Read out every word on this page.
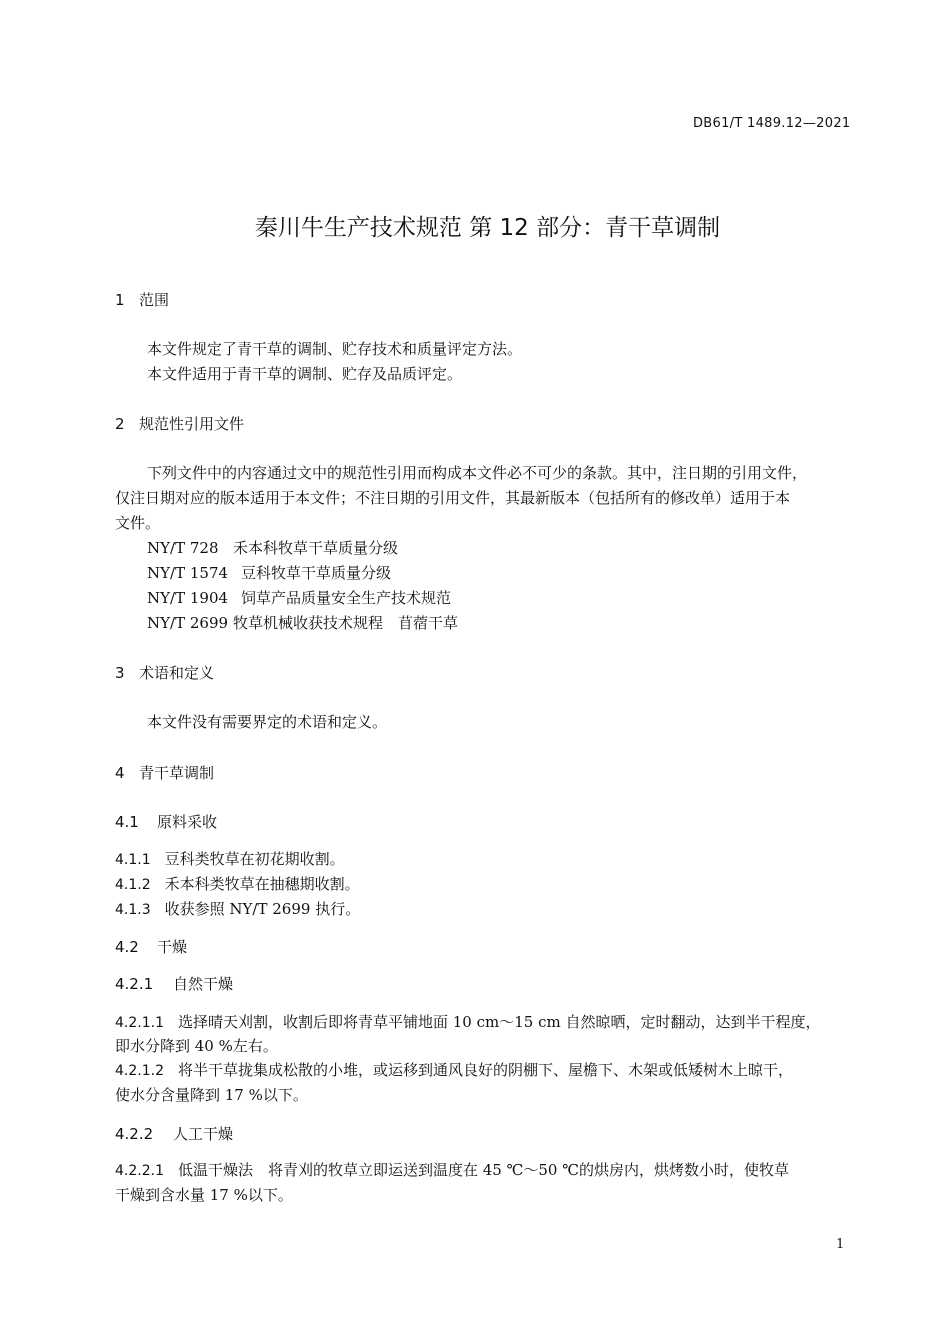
DB61/T 1489.12—2021
秦川牛生产技术规范 第 12 部分：青干草调制
1 范围
本文件规定了青干草的调制、贮存技术和质量评定方法。
本文件适用于青干草的调制、贮存及品质评定。
2 规范性引用文件
下列文件中的内容通过文中的规范性引用而构成本文件必不可少的条款。其中，注日期的引用文件，
仅注日期对应的版本适用于本文件；不注日期的引用文件，其最新版本（包括所有的修改单）适用于本
文件。
NY/T 728 禾本科牧草干草质量分级
NY/T 1574 豆科牧草干草质量分级
NY/T 1904 饲草产品质量安全生产技术规范
NY/T 2699 牧草机械收获技术规程　苜蓿干草
3 术语和定义
本文件没有需要界定的术语和定义。
4 青干草调制
4.1 原料采收
4.1.1 豆科类牧草在初花期收割。
4.1.2 禾本科类牧草在抽穗期收割。
4.1.3 收获参照 NY/T 2699 执行。
4.2 干燥
4.2.1 自然干燥
4.2.1.1 选择晴天刈割，收割后即将青草平铺地面 10 cm～15 cm 自然晾晒，定时翻动，达到半干程度，
即水分降到 40 %左右。
4.2.1.2 将半干草拢集成松散的小堆，或运移到通风良好的阴棚下、屋檐下、木架或低矮树木上晾干，
使水分含量降到 17 %以下。
4.2.2 人工干燥
4.2.2.1 低温干燥法　将青刈的牧草立即运送到温度在 45 ℃～50 ℃的烘房内，烘烤数小时，使牧草
干燥到含水量 17 %以下。
1
